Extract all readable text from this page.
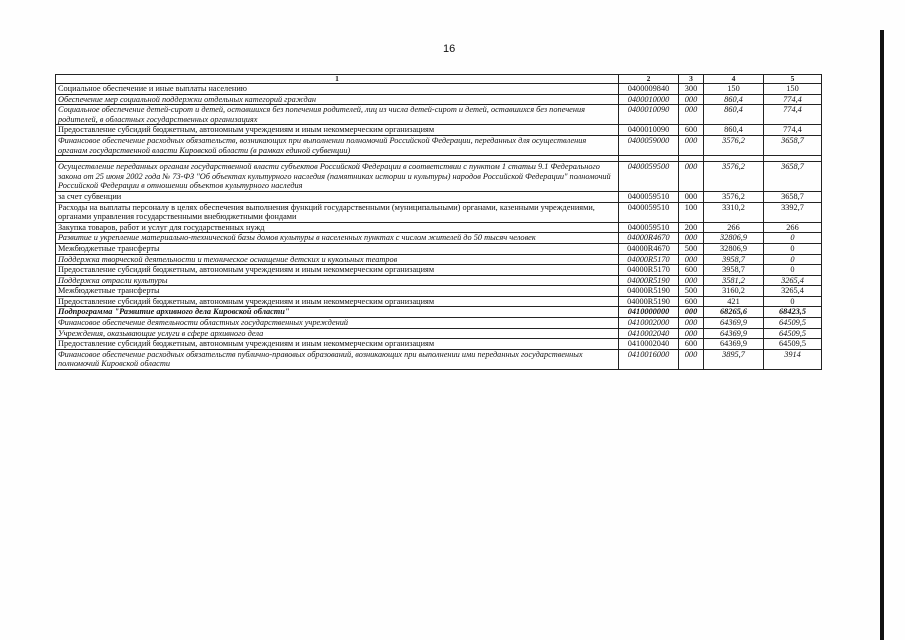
16
1	2	3	4	5
Социальное обеспечение и иные выплаты населению	0400009840	300	150	150
Обеспечение мер социальной поддержки отдельных категорий граждан	0400010000	000	860,4	774,4
Социальное обеспечение детей-сирот и детей, оставшихся без попечения родителей, лиц из числа детей-сирот и детей, оставшихся без попечения родителей, в областных государственных организациях	0400010090	000	860,4	774,4
Предоставление субсидий бюджетным, автономным учреждениям и иным некоммерческим организациям	0400010090	600	860,4	774,4
Финансовое обеспечение расходных обязательств, возникающих при выполнении полномочий Российской Федерации, переданных для осуществления органам государственной власти Кировской области (в рамках единой субвенции)	0400059000	000	3576,2	3658,7

Осуществление переданных органам государственной власти субъектов Российской Федерации в соответствии с пунктом 1 статьи 9.1 Федерального закона от 25 июня 2002 года № 73-ФЗ "Об объектах культурного наследия (памятниках истории и культуры) народов Российской Федерации" полномочий Российской Федерации в отношении объектов культурного наследия	0400059500	000	3576,2	3658,7
за счет субвенции	0400059510	000	3576,2	3658,7
Расходы на выплаты персоналу в целях обеспечения выполнения функций государственными (муниципальными) органами, казенными учреждениями, органами управления государственными внебюджетными фондами	0400059510	100	3310,2	3392,7
Закупка товаров, работ и услуг для государственных нужд	0400059510	200	266	266
Развитие и укрепление материально-технической базы домов культуры в населенных пунктах с числом жителей до 50 тысяч человек	04000R4670	000	32806,9	0
Межбюджетные трансферты	04000R4670	500	32806,9	0
Поддержка творческой деятельности и техническое оснащение детских и кукольных театров	04000R5170	000	3958,7	0
Предоставление субсидий бюджетным, автономным учреждениям и иным некоммерческим организациям	04000R5170	600	3958,7	0
Поддержка отрасли культуры	04000R5190	000	3581,2	3265,4
Межбюджетные трансферты	04000R5190	500	3160,2	3265,4
Предоставление субсидий бюджетным, автономным учреждениям и иным некоммерческим организациям	04000R5190	600	421	0
Подпрограмма "Развитие архивного дела Кировской области"	0410000000	000	68265,6	68423,5
Финансовое обеспечение деятельности областных государственных учреждений	0410002000	000	64369,9	64509,5
Учреждения, оказывающие услуги в сфере архивного дела	0410002040	000	64369,9	64509,5
Предоставление субсидий бюджетным, автономным учреждениям и иным некоммерческим организациям	0410002040	600	64369,9	64509,5
Финансовое обеспечение расходных обязательств публично-правовых образований, возникающих при выполнении ими переданных государственных полномочий Кировской области	0410016000	000	3895,7	3914
